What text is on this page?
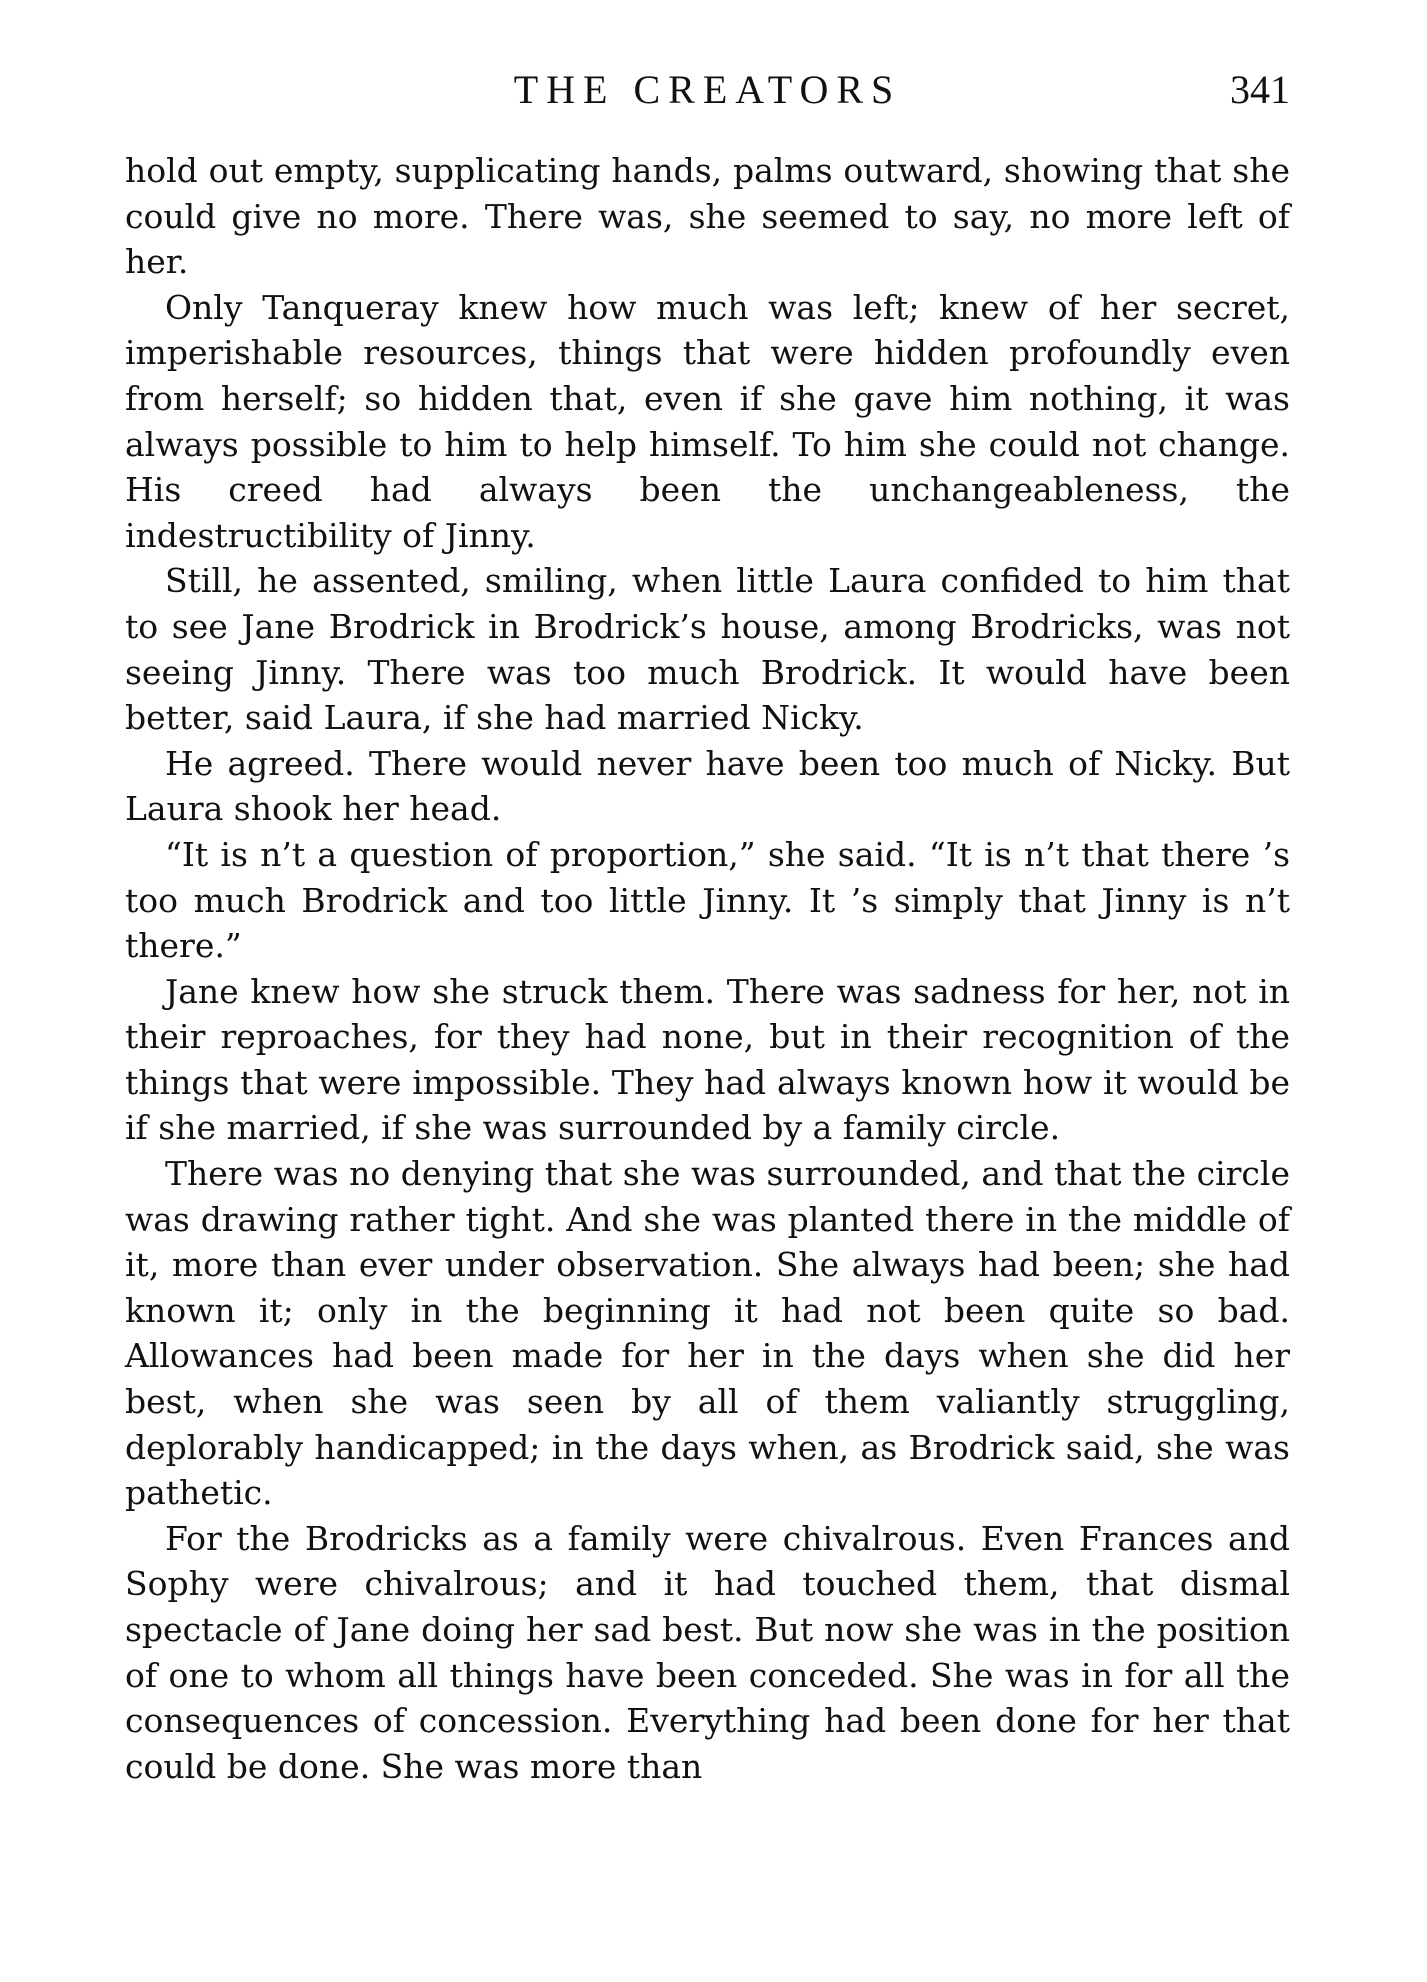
THE CREATORS	341

hold out empty, supplicating hands, palms outward, showing that she could give no more. There was, she seemed to say, no more left of her.

Only Tanqueray knew how much was left; knew of her secret, imperishable resources, things that were hidden profoundly even from herself; so hidden that, even if she gave him nothing, it was always possible to him to help himself. To him she could not change. His creed had always been the unchangeableness, the indestructibility of Jinny.

Still, he assented, smiling, when little Laura confided to him that to see Jane Brodrick in Brodrick’s house, among Brodricks, was not seeing Jinny. There was too much Brodrick. It would have been better, said Laura, if she had married Nicky.

He agreed. There would never have been too much of Nicky. But Laura shook her head.

“It is n’t a question of proportion,” she said. “It is n’t that there ’s too much Brodrick and too little Jinny. It ’s simply that Jinny is n’t there.”

Jane knew how she struck them. There was sadness for her, not in their reproaches, for they had none, but in their recognition of the things that were impossible. They had always known how it would be if she married, if she was surrounded by a family circle.

There was no denying that she was surrounded, and that the circle was drawing rather tight. And she was planted there in the middle of it, more than ever under observation. She always had been; she had known it; only in the beginning it had not been quite so bad. Allowances had been made for her in the days when she did her best, when she was seen by all of them valiantly struggling, deplorably handicapped; in the days when, as Brodrick said, she was pathetic.

For the Brodricks as a family were chivalrous. Even Frances and Sophy were chivalrous; and it had touched them, that dismal spectacle of Jane doing her sad best. But now she was in the position of one to whom all things have been conceded. She was in for all the consequences of concession. Everything had been done for her that could be done. She was more than
